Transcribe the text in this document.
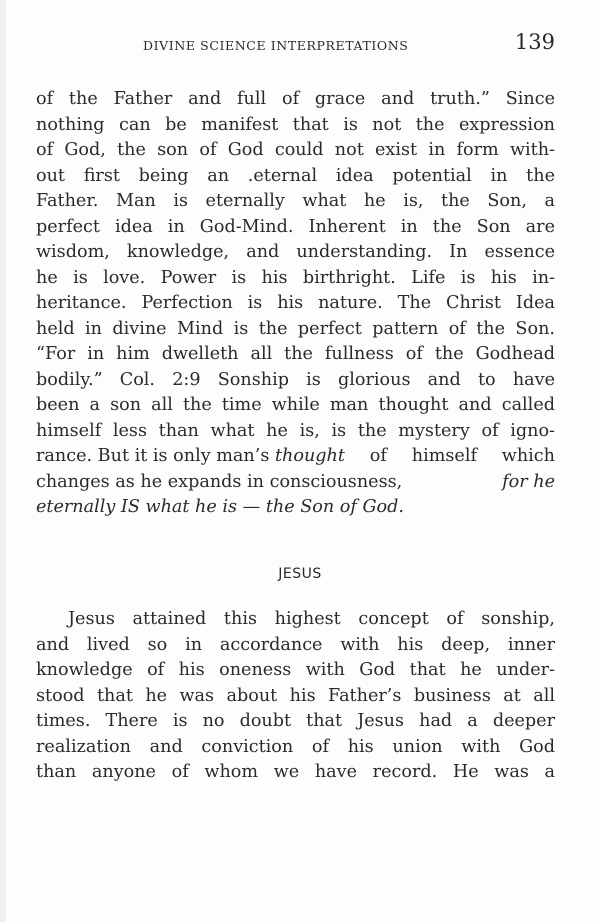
DIVINE SCIENCE INTERPRETATIONS	139
of the Father and full of grace and truth.” Since
nothing can be manifest that is not the expression
of God, the son of God could not exist in form with-
out first being an .eternal idea potential in the
Father. Man is eternally what he is, the Son, a
perfect idea in God-Mind. Inherent in the Son are
wisdom, knowledge, and understanding. In essence
he is love. Power is his birthright. Life is his in-
heritance. Perfection is his nature. The Christ Idea
held in divine Mind is the perfect pattern of the Son.
“For in him dwelleth all the fullness of the Godhead
bodily.” Col. 2:9 Sonship is glorious and to have
been a son all the time while man thought and called
himself less than what he is, is the mystery of igno-
rance. But it is only man’s thought of himself which
changes as he expands in consciousness,	for he
eternally IS what he is — the Son of God.
JESUS
Jesus attained this highest concept of sonship,
and lived so in accordance with his deep, inner
knowledge of his oneness with God that he under-
stood that he was about his Father’s business at all
times. There is no doubt that Jesus had a deeper
realization and conviction of his union with God
than anyone of whom we have record. He was a
